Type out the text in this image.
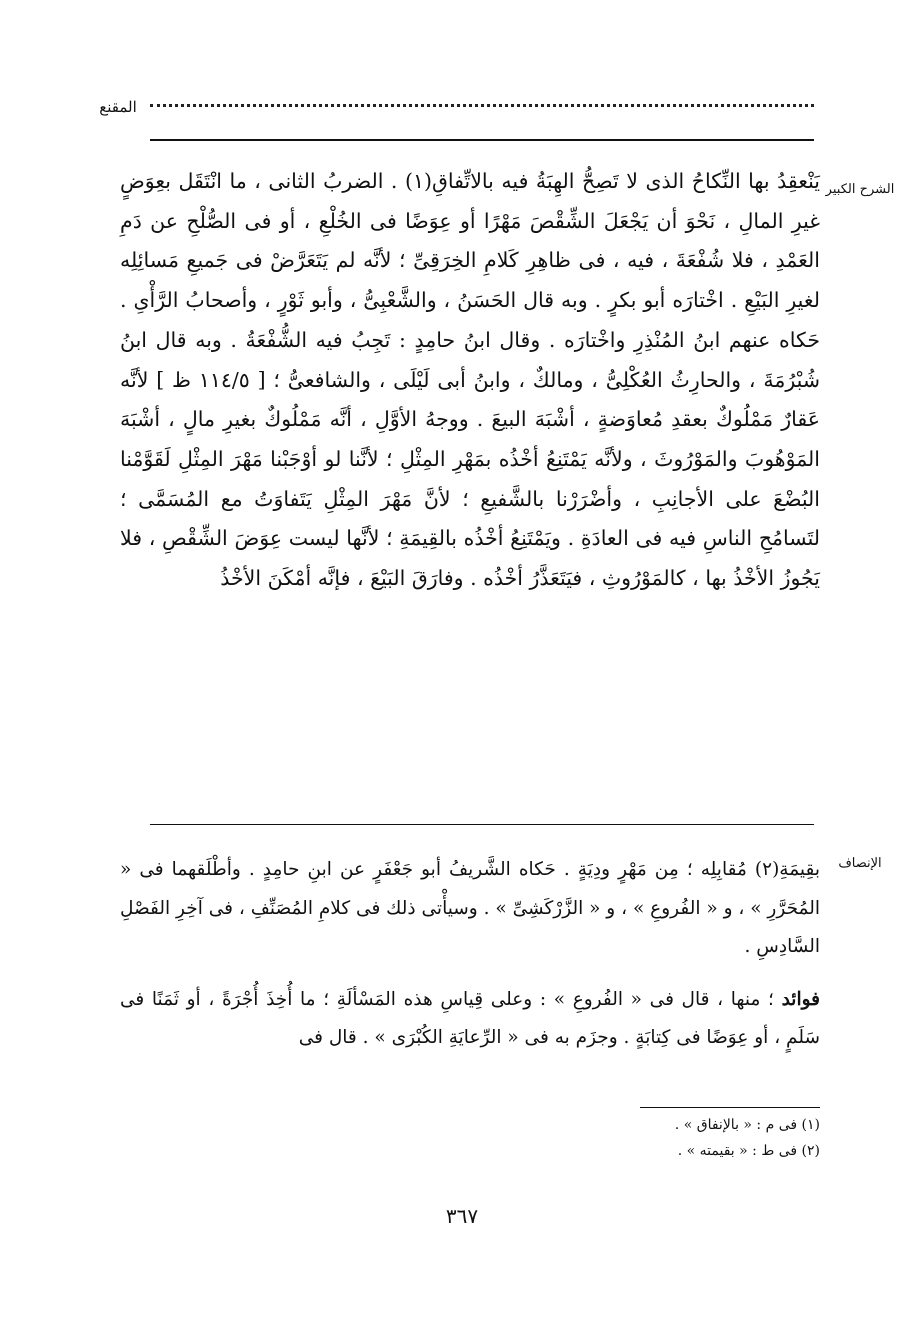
المقنع
الشرح الكبير
يَنْعقِدُ بها النِّكاحُ الذى لا تَصِحُّ الهِبَةُ فيه بالاتِّفاقِ(١) . الضربُ الثانى ، ما انْتَقَل بعِوَضٍ غيرِ المالِ ، نَحْوَ أن يَجْعَلَ الشِّقْصَ مَهْرًا أو عِوَضًا فى الخُلْعِ ، أو فى الصُّلْحِ عن دَمِ العَمْدِ ، فلا شُفْعَةَ ، فيه ، فى ظاهِرِ كَلامِ الخِرَقِىِّ ؛ لأنَّه لم يَتَعَرَّضْ فى جَميعِ مَسائِلِه لغيرِ البَيْعِ . اخْتارَه أبو بكرٍ . وبه قال الحَسَنُ ، والشَّعْبِىُّ ، وأبو ثَوْرٍ ، وأصحابُ الرَّأْىِ . حَكاه عنهم ابنُ المُنْذِرِ واخْتارَه . وقال ابنُ حامِدٍ : تَجِبُ فيه الشُّفْعَةُ . وبه قال ابنُ شُبْرُمَةَ ، والحارِثُ العُكْلِىُّ ، ومالكٌ ، وابنُ أبى لَيْلَى ، والشافعىُّ ؛ [ ١١٤/٥ ظ ] لأنَّه عَقارٌ مَمْلُوكٌ بعقدِ مُعاوَضةٍ ، أشْبَهَ البيعَ . ووجهُ الأوَّلِ ، أنَّه مَمْلُوكٌ بغيرِ مالٍ ، أشْبَهَ المَوْهُوبَ والمَوْرُوثَ ، ولأنَّه يَمْتَنِعُ أخْذُه بمَهْرِ المِثْلِ ؛ لأنَّنا لو أوْجَبْنا مَهْرَ المِثْلِ لَقَوَّمْنا البُضْعَ على الأجانِبِ ، وأضْرَرْنا بالشَّفيعِ ؛ لأنَّ مَهْرَ المِثْلِ يَتَفاوَتُ مع المُسَمَّى ؛ لتَسامُحِ الناسِ فيه فى العادَةِ . ويَمْتَنِعُ أخْذُه بالقِيمَةِ ؛ لأنَّها ليست عِوَضَ الشِّقْصِ ، فلا يَجُوزُ الأخْذُ بها ، كالمَوْرُوثِ ، فيَتَعَذَّرُ أخْذُه . وفارَقَ البَيْعَ ، فإنَّه أمْكَنَ الأخْذُ
الإنصاف

بقِيمَةِ(٢) مُقابِلِه ؛ مِن مَهْرٍ ودِيَةٍ . حَكاه الشَّريفُ أبو جَعْفَرٍ عن ابنِ حامِدٍ . وأطْلَقهما فى « المُحَرَّرِ » ، و « الفُروعِ » ، و « الزَّرْكَشِىِّ » . وسيأْتى ذلك فى كلامِ المُصَنِّفِ ، فى آخِرِ الفَصْلِ السَّادِسِ .

فوائد ؛ منها ، قال فى « الفُروعِ » : وعلى قِياسِ هذه المَسْألَةِ ؛ ما أُخِذَ أُجْرَةً ، أو ثَمَنًا فى سَلَمٍ ، أو عِوَضًا فى كِتابَةٍ . وجزَم به فى « الرِّعايَةِ الكُبْرَى » . قال فى

(١) فى م : « بالإنفاق » .
(٢) فى ط : « بقيمته » .
٣٦٧
